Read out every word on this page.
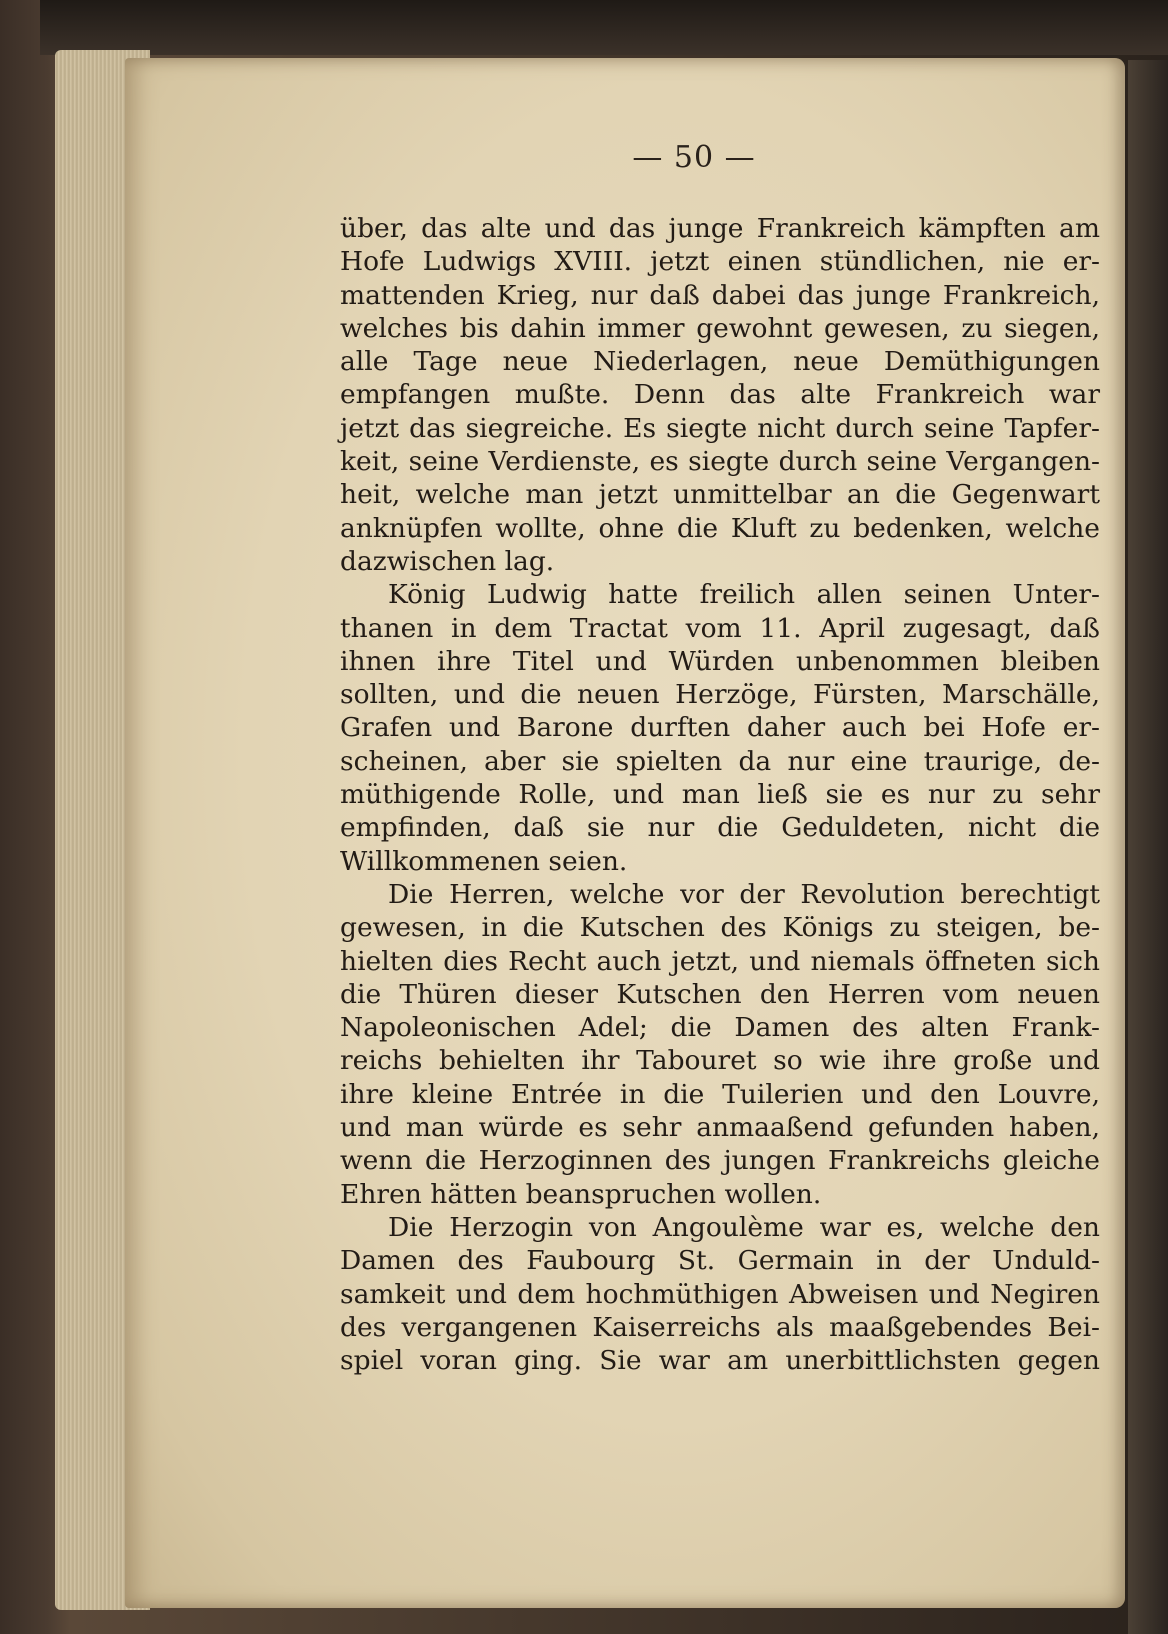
— 50 —
über, das alte und das junge Frankreich kämpften am
Hofe Ludwigs XVIII. jetzt einen stündlichen, nie er-
mattenden Krieg, nur daß dabei das junge Frankreich,
welches bis dahin immer gewohnt gewesen, zu siegen,
alle Tage neue Niederlagen, neue Demüthigungen
empfangen mußte. Denn das alte Frankreich war
jetzt das siegreiche. Es siegte nicht durch seine Tapfer-
keit, seine Verdienste, es siegte durch seine Vergangen-
heit, welche man jetzt unmittelbar an die Gegenwart
anknüpfen wollte, ohne die Kluft zu bedenken, welche
dazwischen lag.
König Ludwig hatte freilich allen seinen Unter-
thanen in dem Tractat vom 11. April zugesagt, daß
ihnen ihre Titel und Würden unbenommen bleiben
sollten, und die neuen Herzöge, Fürsten, Marschälle,
Grafen und Barone durften daher auch bei Hofe er-
scheinen, aber sie spielten da nur eine traurige, de-
müthigende Rolle, und man ließ sie es nur zu sehr
empfinden, daß sie nur die Geduldeten, nicht die
Willkommenen seien.
Die Herren, welche vor der Revolution berechtigt
gewesen, in die Kutschen des Königs zu steigen, be-
hielten dies Recht auch jetzt, und niemals öffneten sich
die Thüren dieser Kutschen den Herren vom neuen
Napoleonischen Adel; die Damen des alten Frank-
reichs behielten ihr Tabouret so wie ihre große und
ihre kleine Entrée in die Tuilerien und den Louvre,
und man würde es sehr anmaaßend gefunden haben,
wenn die Herzoginnen des jungen Frankreichs gleiche
Ehren hätten beanspruchen wollen.
Die Herzogin von Angoulème war es, welche den
Damen des Faubourg St. Germain in der Unduld-
samkeit und dem hochmüthigen Abweisen und Negiren
des vergangenen Kaiserreichs als maaßgebendes Bei-
spiel voran ging. Sie war am unerbittlichsten gegen
